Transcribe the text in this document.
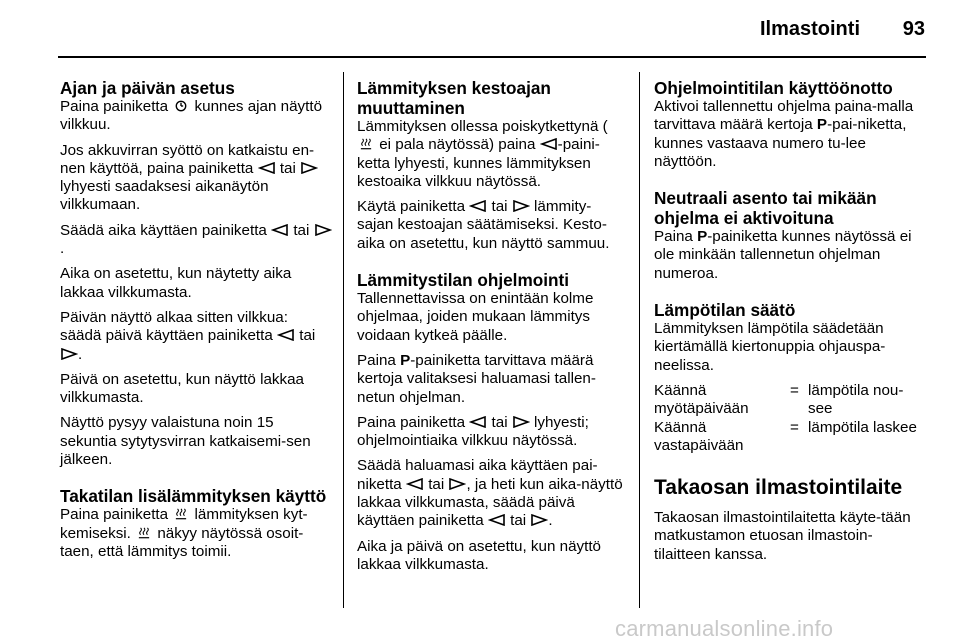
Ilmastointi	93
Ajan ja päivän asetus
Paina painiketta  kunnes ajan näyttö vilkkuu.
Jos akkuvirran syöttö on katkaistu en-nen käyttöä, paina painiketta  tai  lyhyesti saadaksesi aikanäytön vilkkumaan.
Säädä aika käyttäen painiketta  tai .
Aika on asetettu, kun näytetty aika lakkaa vilkkumasta.
Päivän näyttö alkaa sitten vilkkua: säädä päivä käyttäen painiketta  tai .
Päivä on asetettu, kun näyttö lakkaa vilkkumasta.
Näyttö pysyy valaistuna noin 15 sekuntia sytytysvirran katkaisemi-sen jälkeen.
Takatilan lisälämmityksen käyttö
Paina painiketta  lämmityksen kyt-kemiseksi.  näkyy näytössä osoit-taen, että lämmitys toimii.
Lämmityksen kestoajan muuttaminen
Lämmityksen ollessa poiskytkettynä (  ei pala näytössä) paina -paini-ketta lyhyesti, kunnes lämmityksen kestoaika vilkkuu näytössä.
Käytä painiketta  tai  lämmity-sajan kestoajan säätämiseksi. Kesto-aika on asetettu, kun näyttö sammuu.
Lämmitystilan ohjelmointi
Tallennettavissa on enintään kolme ohjelmaa, joiden mukaan lämmitys voidaan kytkeä päälle.
Paina P-painiketta tarvittava määrä kertoja valitaksesi haluamasi tallen-netun ohjelman.
Paina painiketta  tai  lyhyesti; ohjelmointiaika vilkkuu näytössä.
Säädä haluamasi aika käyttäen pai-niketta  tai , ja heti kun aika-näyttö lakkaa vilkkumasta, säädä päivä käyttäen painiketta  tai .
Aika ja päivä on asetettu, kun näyttö lakkaa vilkkumasta.
Ohjelmointitilan käyttöönotto
Aktivoi tallennettu ohjelma paina-malla tarvittava määrä kertoja P-pai-niketta, kunnes vastaava numero tu-lee näyttöön.
Neutraali asento tai mikään ohjelma ei aktivoituna
Paina P-painiketta kunnes näytössä ei ole minkään tallennetun ohjelman numeroa.
Lämpötilan säätö
Lämmityksen lämpötila säädetään kiertämällä kiertonuppia ohjauspa-neelissa.
Käännä myötäpäivään
= lämpötila nou-see
Käännä vastapäivään
= lämpötila laskee
Takaosan ilmastointilaite
Takaosan ilmastointilaitetta käyte-tään matkustamon etuosan ilmastoin-tilaitteen kanssa.
carmanualsonline.info
